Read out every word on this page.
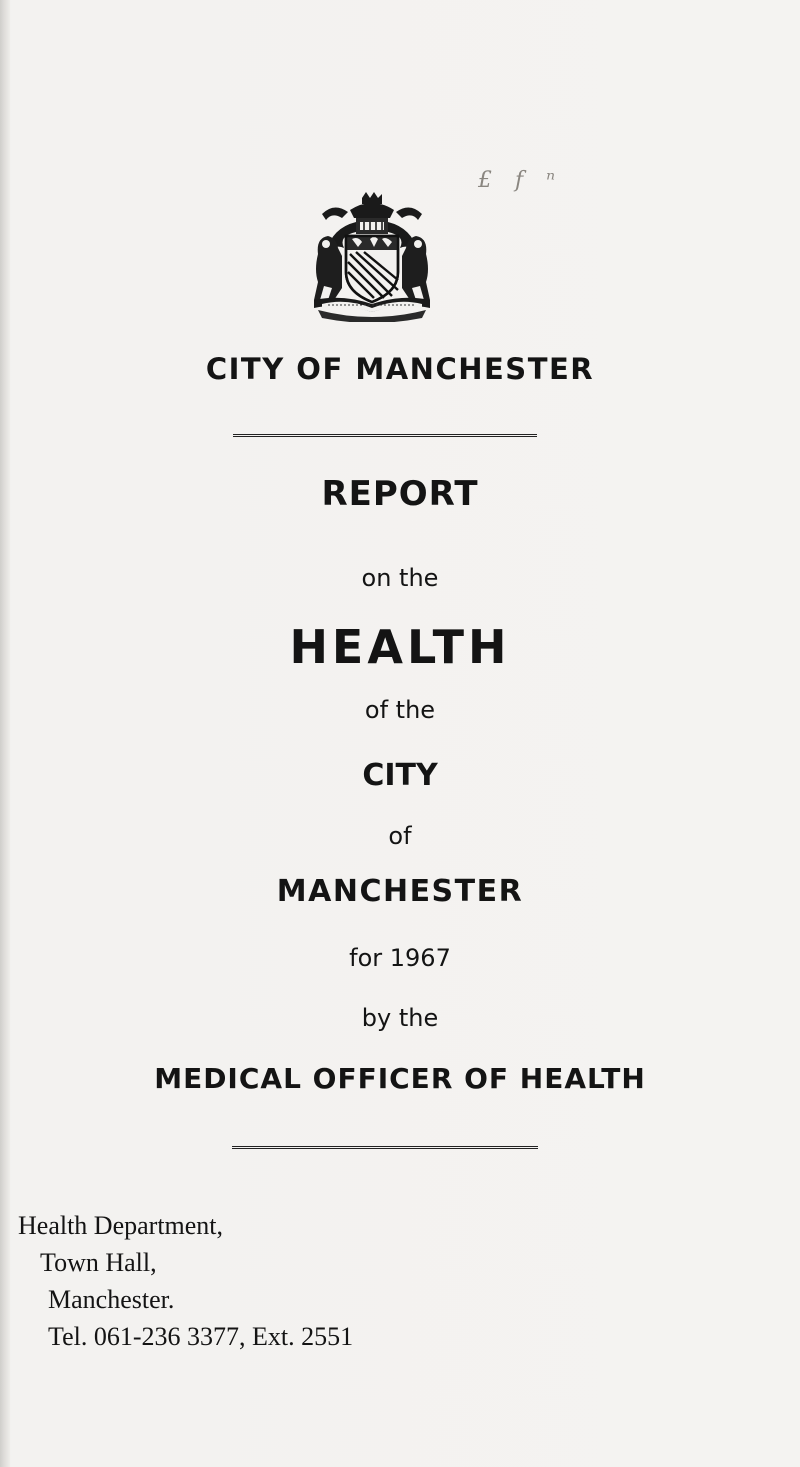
£ f ⁿ
CITY OF MANCHESTER
REPORT
on the
HEALTH
of the
CITY
of
MANCHESTER
for 1967
by the
MEDICAL OFFICER OF HEALTH
Health Department,
Town Hall,
Manchester.
Tel. 061-236 3377, Ext. 2551
